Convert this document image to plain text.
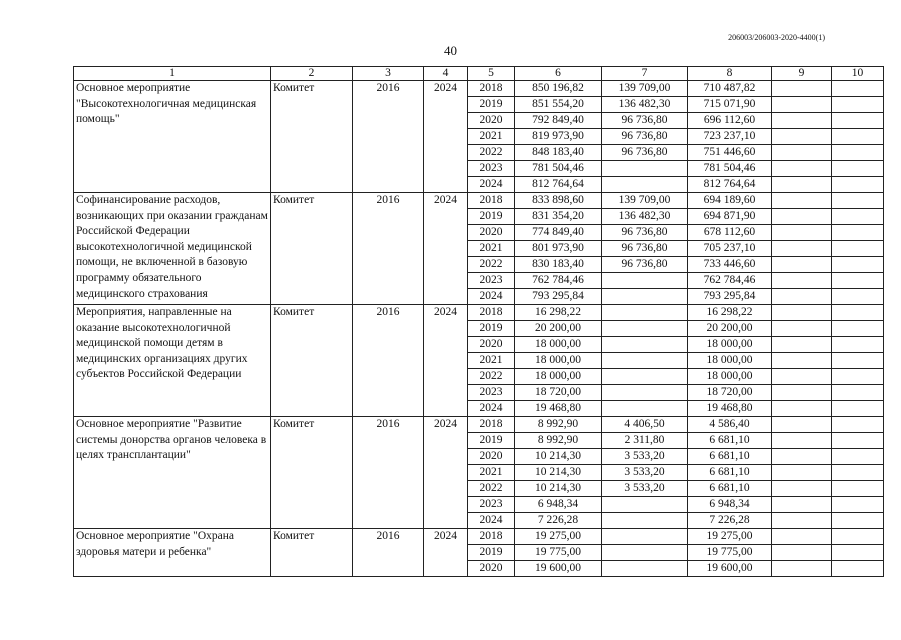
206003/206003-2020-4400(1)
40
1	2	3	4	5	6	7	8	9	10
Основное мероприятие "Высокотехнологичная медицинская помощь"	Комитет	2016	2024	2018	850 196,82	139 709,00	710 487,82		
				2019	851 554,20	136 482,30	715 071,90		
				2020	792 849,40	96 736,80	696 112,60		
				2021	819 973,90	96 736,80	723 237,10		
				2022	848 183,40	96 736,80	751 446,60		
				2023	781 504,46		781 504,46		
				2024	812 764,64		812 764,64		
Софинансирование расходов, возникающих при оказании гражданам Российской Федерации высокотехнологичной медицинской помощи, не включенной в базовую программу обязательного медицинского страхования	Комитет	2016	2024	2018	833 898,60	139 709,00	694 189,60		
				2019	831 354,20	136 482,30	694 871,90		
				2020	774 849,40	96 736,80	678 112,60		
				2021	801 973,90	96 736,80	705 237,10		
				2022	830 183,40	96 736,80	733 446,60		
				2023	762 784,46		762 784,46		
				2024	793 295,84		793 295,84		
Мероприятия, направленные на оказание высокотехнологичной медицинской помощи детям в медицинских организациях других субъектов Российской Федерации	Комитет	2016	2024	2018	16 298,22		16 298,22		
				2019	20 200,00		20 200,00		
				2020	18 000,00		18 000,00		
				2021	18 000,00		18 000,00		
				2022	18 000,00		18 000,00		
				2023	18 720,00		18 720,00		
				2024	19 468,80		19 468,80		
Основное мероприятие "Развитие системы донорства органов человека в целях трансплантации"	Комитет	2016	2024	2018	8 992,90	4 406,50	4 586,40		
				2019	8 992,90	2 311,80	6 681,10		
				2020	10 214,30	3 533,20	6 681,10		
				2021	10 214,30	3 533,20	6 681,10		
				2022	10 214,30	3 533,20	6 681,10		
				2023	6 948,34		6 948,34		
				2024	7 226,28		7 226,28		
Основное мероприятие "Охрана здоровья матери и ребенка"	Комитет	2016	2024	2018	19 275,00		19 275,00		
				2019	19 775,00		19 775,00		
				2020	19 600,00		19 600,00		
